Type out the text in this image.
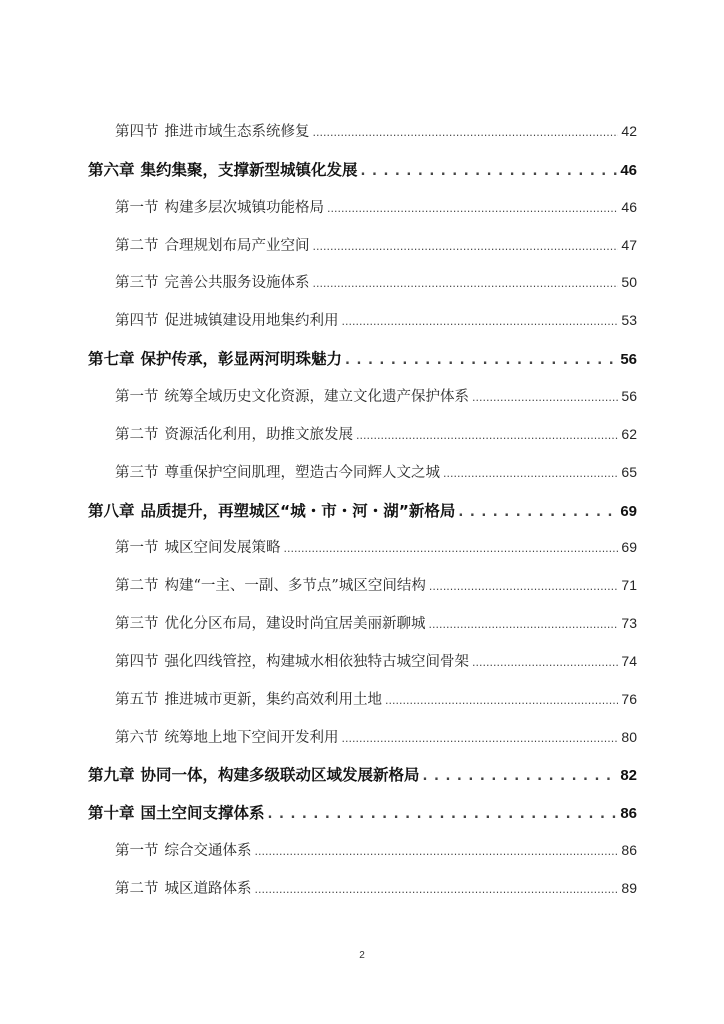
第四节 推进市域生态系统修复 .....	42
第六章 集约集聚，支撑新型城镇化发展 . . .	46
第一节 构建多层次城镇功能格局 .....	46
第二节 合理规划布局产业空间 .....	47
第三节 完善公共服务设施体系 .....	50
第四节 促进城镇建设用地集约利用 .....	53
第七章 保护传承，彰显两河明珠魅力 . . .	56
第一节 统筹全域历史文化资源，建立文化遗产保护体系 .....	56
第二节 资源活化利用，助推文旅发展 .....	62
第三节 尊重保护空间肌理，塑造古今同辉人文之城 .....	65
第八章 品质提升，再塑城区“城・市・河・湖”新格局 . . .	69
第一节 城区空间发展策略 .....	69
第二节 构建“一主、一副、多节点”城区空间结构 .....	71
第三节 优化分区布局，建设时尚宜居美丽新聊城 .....	73
第四节 强化四线管控，构建城水相依独特古城空间骨架 .....	74
第五节 推进城市更新，集约高效利用土地 .....	76
第六节 统筹地上地下空间开发利用 .....	80
第九章 协同一体，构建多级联动区域发展新格局 . . .	82
第十章 国土空间支撑体系 . . .	86
第一节 综合交通体系 .....	86
第二节 城区道路体系 .....	89
2
